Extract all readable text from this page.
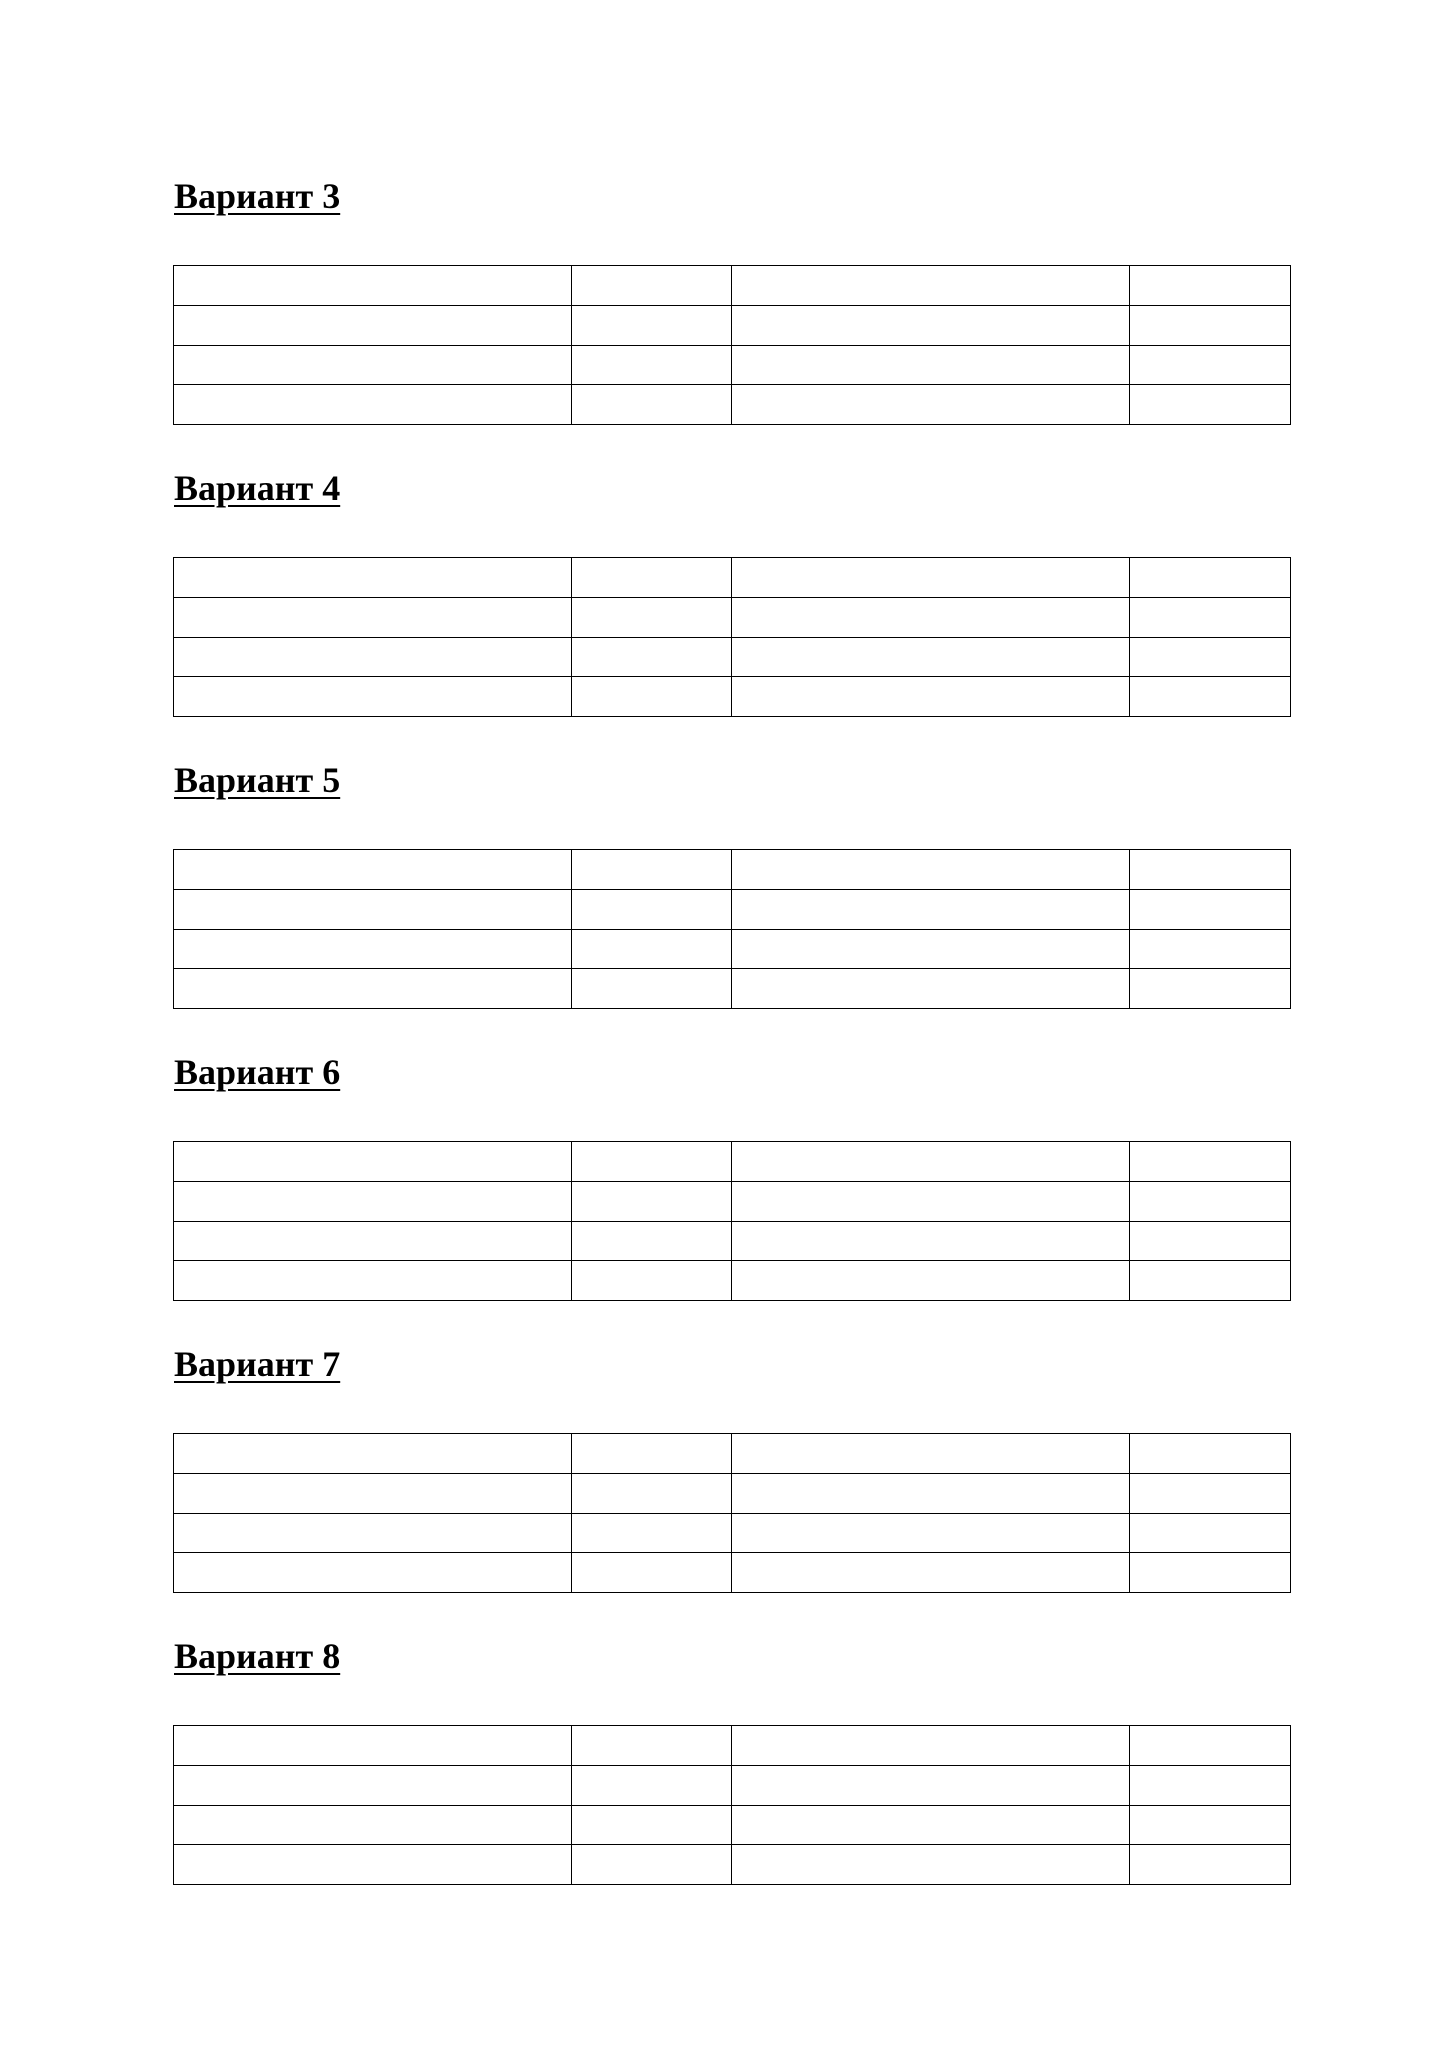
Вариант 3

Вариант 4

Вариант 5

Вариант 6

Вариант 7

Вариант 8
